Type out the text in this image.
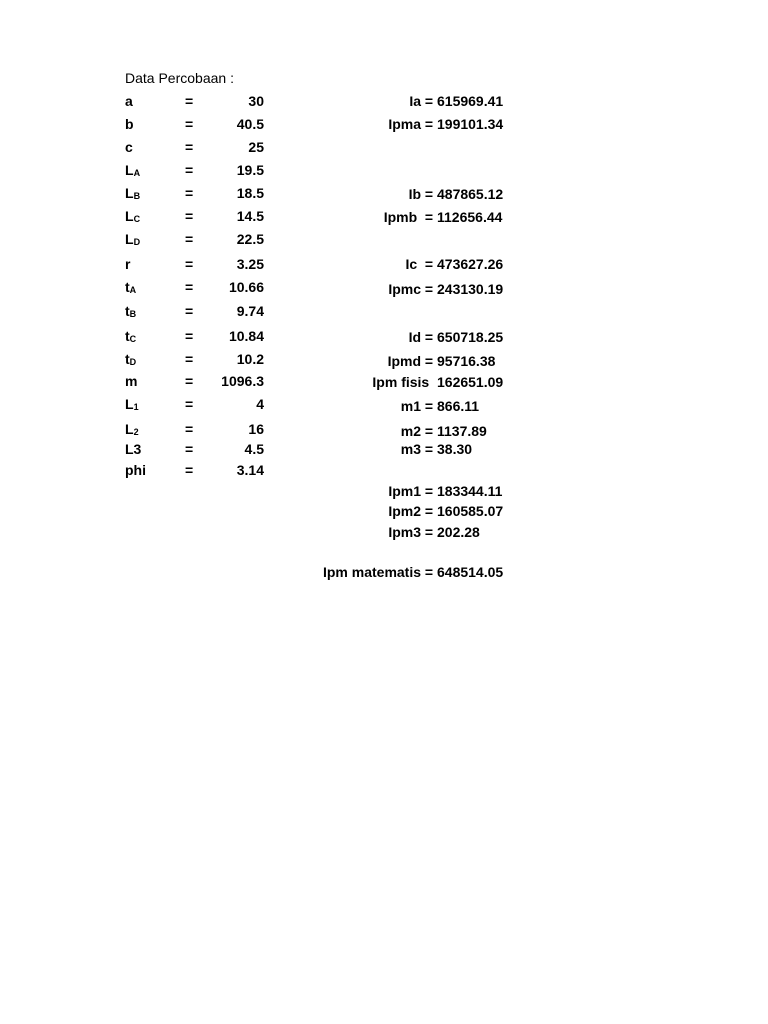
Data Percobaan :
a	=	30
b	=	40.5
c	=	25
$L_A$	=	19.5
$L_B$	=	18.5
$L_C$	=	14.5
$L_D$	=	22.5
r	=	3.25
$t_A$	=	10.66
$t_B$	=	9.74
$t_C$	=	10.84
$t_D$	=	10.2
m	= 1096.3
$L_1$	=	4
$L_2$	=	16
L3	=	4.5
phi	=	3.14
Ia = 615969.41
Ipma = 199101.34
Ib = 487865.12
Ipmb  = 112656.44
Ic  = 473627.26
Ipmc = 243130.19
Id = 650718.25
Ipmd = 95716.38
Ipm fisis 162651.09
m1 = 866.11
m2 = 1137.89
m3 = 38.30
Ipm1 = 183344.11
Ipm2 = 160585.07
Ipm3 = 202.28
Ipm matematis = 648514.05
